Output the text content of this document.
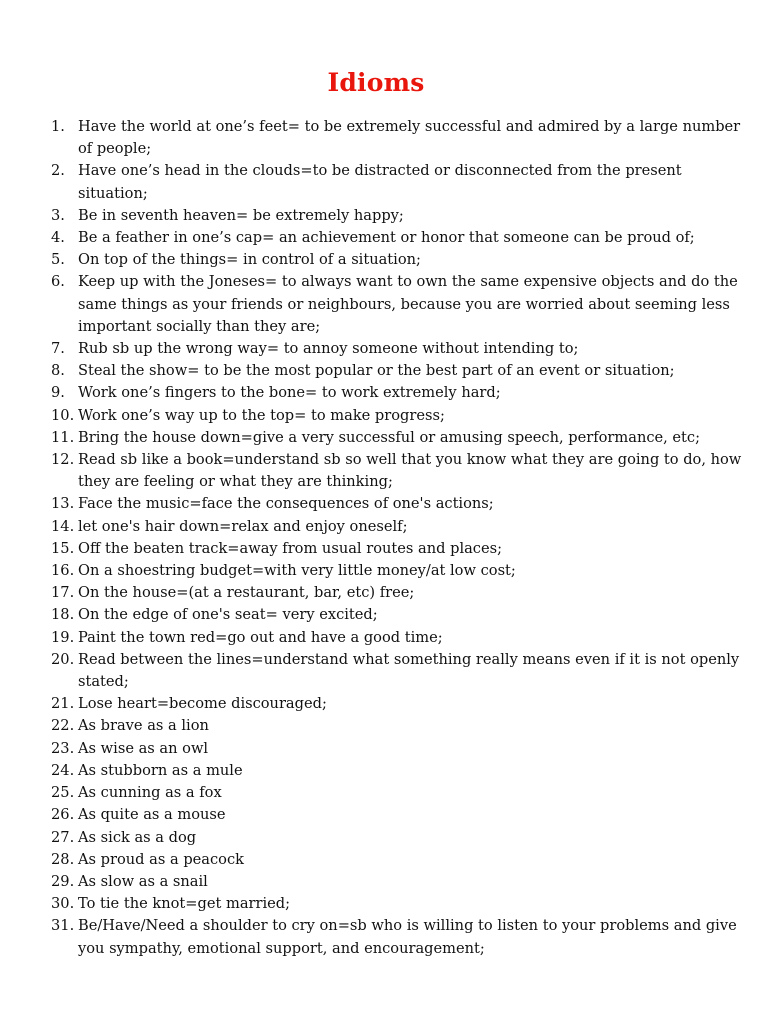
Idioms
1. Have the world at one’s feet= to be extremely successful and admired by a large number of people;
2. Have one’s head in the clouds=to be distracted or disconnected from the present situation;
3. Be in seventh heaven= be extremely happy;
4. Be a feather in one’s cap= an achievement or honor that someone can be proud of;
5. On top of the things= in control of a situation;
6. Keep up with the Joneses= to always want to own the same expensive objects and do the same things as your friends or neighbours, because you are worried about seeming less important socially than they are;
7. Rub sb up the wrong way= to annoy someone without intending to;
8. Steal the show= to be the most popular or the best part of an event or situation;
9. Work one’s fingers to the bone= to work extremely hard;
10. Work one’s way up to the top= to make progress;
11. Bring the house down=give a very successful or amusing speech, performance, etc;
12. Read sb like a book=understand sb so well that you know what they are going to do, how they are feeling or what they are thinking;
13. Face the music=face the consequences of one's actions;
14. let one's hair down=relax and enjoy oneself;
15. Off the beaten track=away from usual routes and places;
16. On a shoestring budget=with very little money/at low cost;
17. On the house=(at a restaurant, bar, etc) free;
18. On the edge of one's seat= very excited;
19. Paint the town red=go out and have a good time;
20. Read between the lines=understand what something really means even if it is not openly stated;
21. Lose heart=become discouraged;
22. As brave as a lion
23. As wise as an owl
24. As stubborn as a mule
25. As cunning as a fox
26. As quite as a mouse
27. As sick as a dog
28. As proud as a peacock
29. As slow as a snail
30. To tie the knot=get married;
31. Be/Have/Need a shoulder to cry on=sb who is willing to listen to your problems and give you sympathy, emotional support, and encouragement;
